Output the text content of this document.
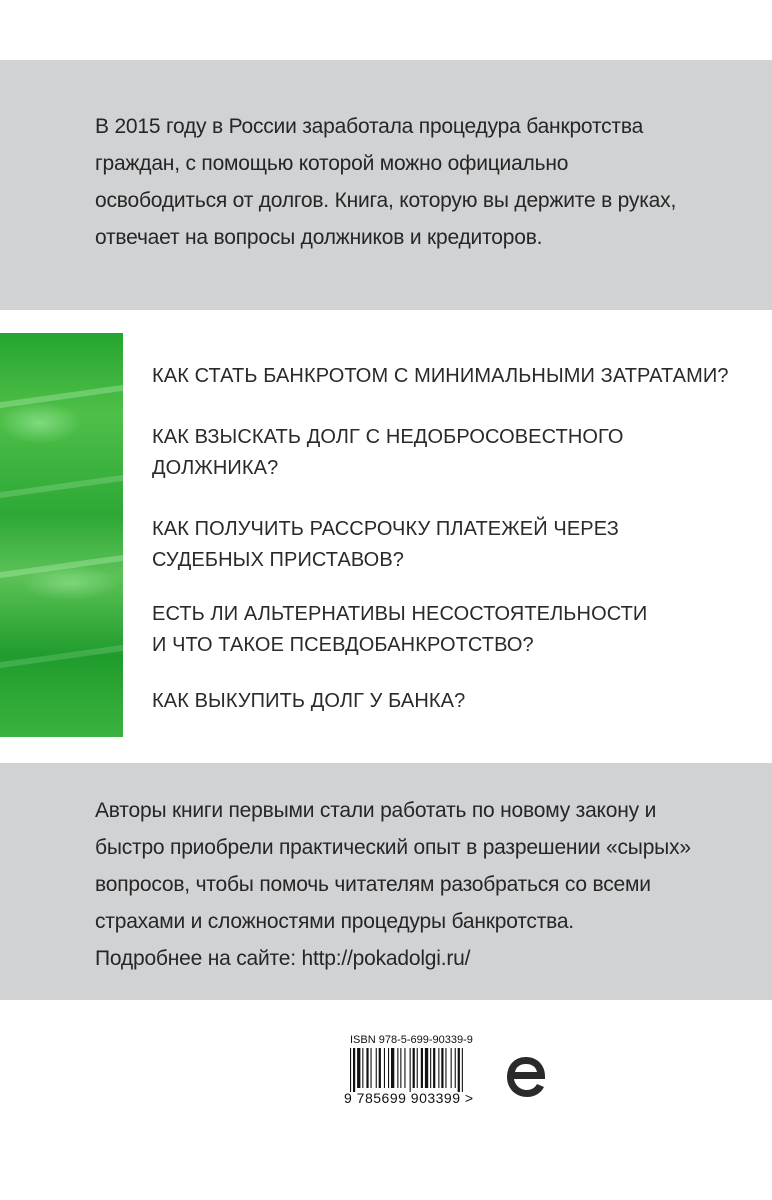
В 2015 году в России заработала процедура банкротства
граждан, с помощью которой можно официально
освободиться от долгов. Книга, которую вы держите в руках,
отвечает на вопросы должников и кредиторов.
КАК СТАТЬ БАНКРОТОМ С МИНИМАЛЬНЫМИ ЗАТРАТАМИ?
КАК ВЗЫСКАТЬ ДОЛГ С НЕДОБРОСОВЕСТНОГО
ДОЛЖНИКА?
КАК ПОЛУЧИТЬ РАССРОЧКУ ПЛАТЕЖЕЙ ЧЕРЕЗ
СУДЕБНЫХ ПРИСТАВОВ?
ЕСТЬ ЛИ АЛЬТЕРНАТИВЫ НЕСОСТОЯТЕЛЬНОСТИ
И ЧТО ТАКОЕ ПСЕВДОБАНКРОТСТВО?
КАК ВЫКУПИТЬ ДОЛГ У БАНКА?
Авторы книги первыми стали работать по новому закону и
быстро приобрели практический опыт в разрешении «сырых»
вопросов, чтобы помочь читателям разобраться со всеми
страхами и сложностями процедуры банкротства.
Подробнее на сайте: http://pokadolgi.ru/
ISBN 978-5-699-90339-9
9 785699 903399 >
